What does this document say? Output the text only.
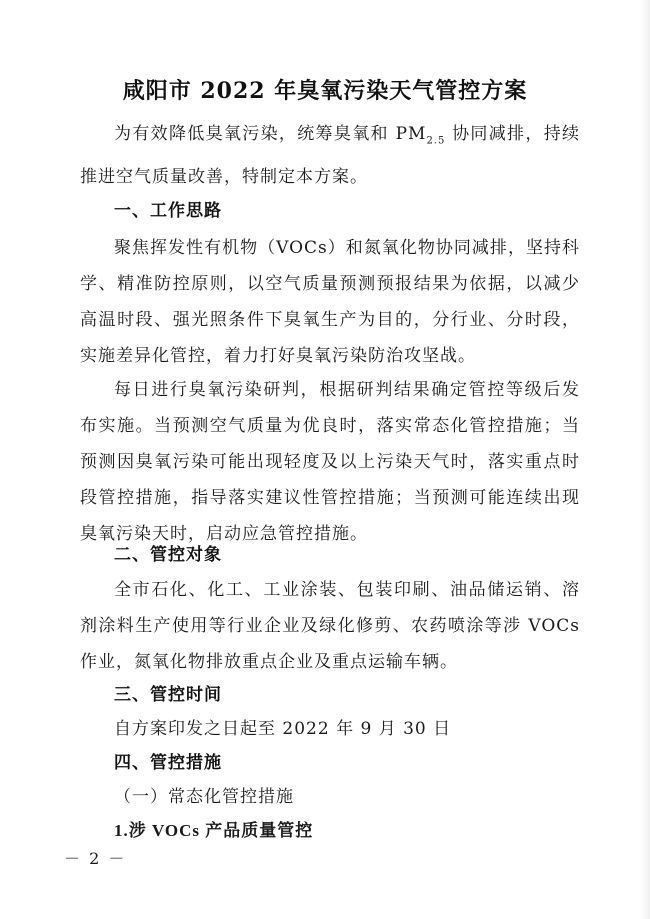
咸阳市 2022 年臭氧污染天气管控方案

为有效降低臭氧污染，统筹臭氧和 $PM_{2.5}$ 协同减排，持续推进空气质量改善，特制定本方案。

一、工作思路

聚焦挥发性有机物（VOCs）和氮氧化物协同减排，坚持科学、精准防控原则，以空气质量预测预报结果为依据，以减少高温时段、强光照条件下臭氧生产为目的，分行业、分时段，实施差异化管控，着力打好臭氧污染防治攻坚战。

每日进行臭氧污染研判，根据研判结果确定管控等级后发布实施。当预测空气质量为优良时，落实常态化管控措施；当预测因臭氧污染可能出现轻度及以上污染天气时，落实重点时段管控措施，指导落实建议性管控措施；当预测可能连续出现臭氧污染天时，启动应急管控措施。

二、管控对象

全市石化、化工、工业涂装、包装印刷、油品储运销、溶剂涂料生产使用等行业企业及绿化修剪、农药喷涂等涉 VOCs 作业，氮氧化物排放重点企业及重点运输车辆。

三、管控时间
自方案印发之日起至 2022 年 9 月 30 日
四、管控措施
（一）常态化管控措施
1.涉 VOCs 产品质量管控
－ 2 －
